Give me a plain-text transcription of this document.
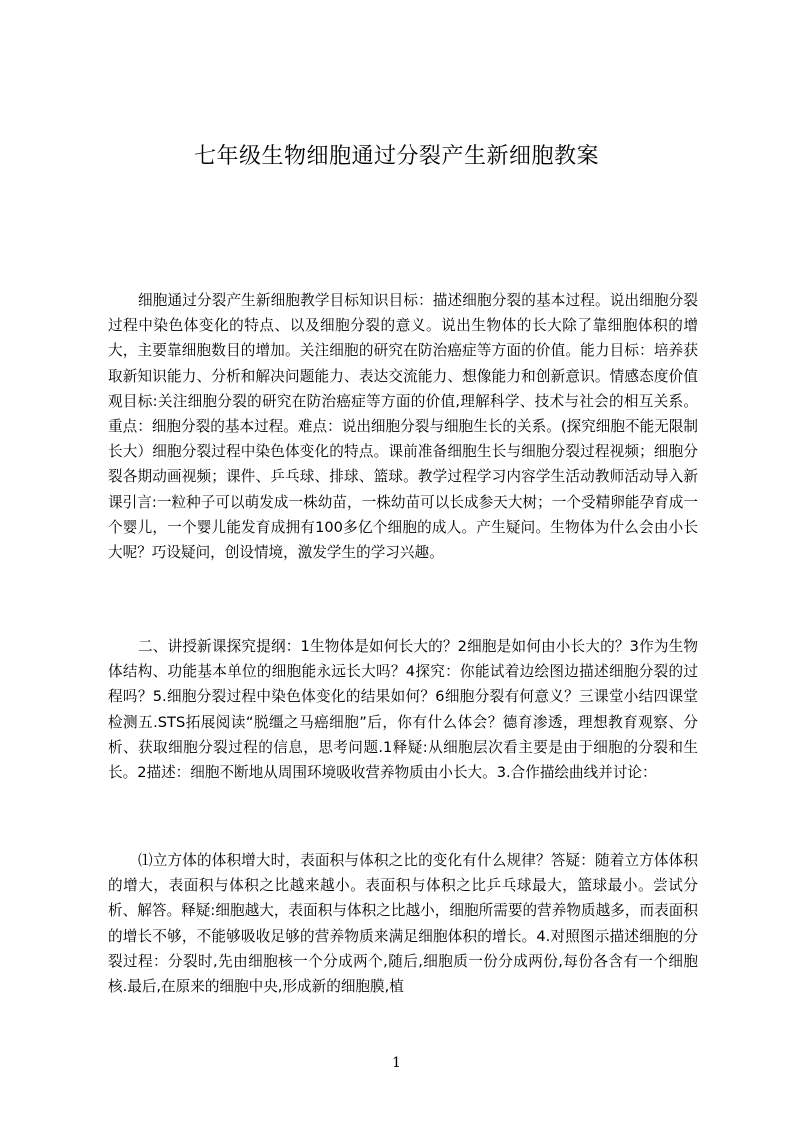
七年级生物细胞通过分裂产生新细胞教案

细胞通过分裂产生新细胞教学目标知识目标：描述细胞分裂的基本过程。说出细胞分裂过程中染色体变化的特点、以及细胞分裂的意义。说出生物体的长大除了靠细胞体积的增大，主要靠细胞数目的增加。关注细胞的研究在防治癌症等方面的价值。能力目标：培养获取新知识能力、分析和解决问题能力、表达交流能力、想像能力和创新意识。情感态度价值观目标:关注细胞分裂的研究在防治癌症等方面的价值,理解科学、技术与社会的相互关系。重点：细胞分裂的基本过程。难点：说出细胞分裂与细胞生长的关系。(探究细胞不能无限制长大）细胞分裂过程中染色体变化的特点。课前准备细胞生长与细胞分裂过程视频；细胞分裂各期动画视频；课件、乒乓球、排球、篮球。教学过程学习内容学生活动教师活动导入新课引言:一粒种子可以萌发成一株幼苗，一株幼苗可以长成参天大树；一个受精卵能孕育成一个婴儿，一个婴儿能发育成拥有100多亿个细胞的成人。产生疑问。生物体为什么会由小长大呢？巧设疑问，创设情境，激发学生的学习兴趣。

二、讲授新课探究提纲：1生物体是如何长大的？2细胞是如何由小长大的？3作为生物体结构、功能基本单位的细胞能永远长大吗？4探究：你能试着边绘图边描述细胞分裂的过程吗？5.细胞分裂过程中染色体变化的结果如何？6细胞分裂有何意义？三课堂小结四课堂检测五.STS拓展阅读“脱缰之马癌细胞”后，你有什么体会？德育渗透，理想教育观察、分析、获取细胞分裂过程的信息，思考问题.1释疑:从细胞层次看主要是由于细胞的分裂和生长。2描述：细胞不断地从周围环境吸收营养物质由小长大。3.合作描绘曲线并讨论：

⑴立方体的体积增大时，表面积与体积之比的变化有什么规律？答疑：随着立方体体积的增大，表面积与体积之比越来越小。表面积与体积之比乒乓球最大，篮球最小。尝试分析、解答。释疑:细胞越大，表面积与体积之比越小，细胞所需要的营养物质越多，而表面积的增长不够，不能够吸收足够的营养物质来满足细胞体积的增长。4.对照图示描述细胞的分裂过程：分裂时,先由细胞核一个分成两个,随后,细胞质一份分成两份,每份各含有一个细胞核.最后,在原来的细胞中央,形成新的细胞膜,植

1
